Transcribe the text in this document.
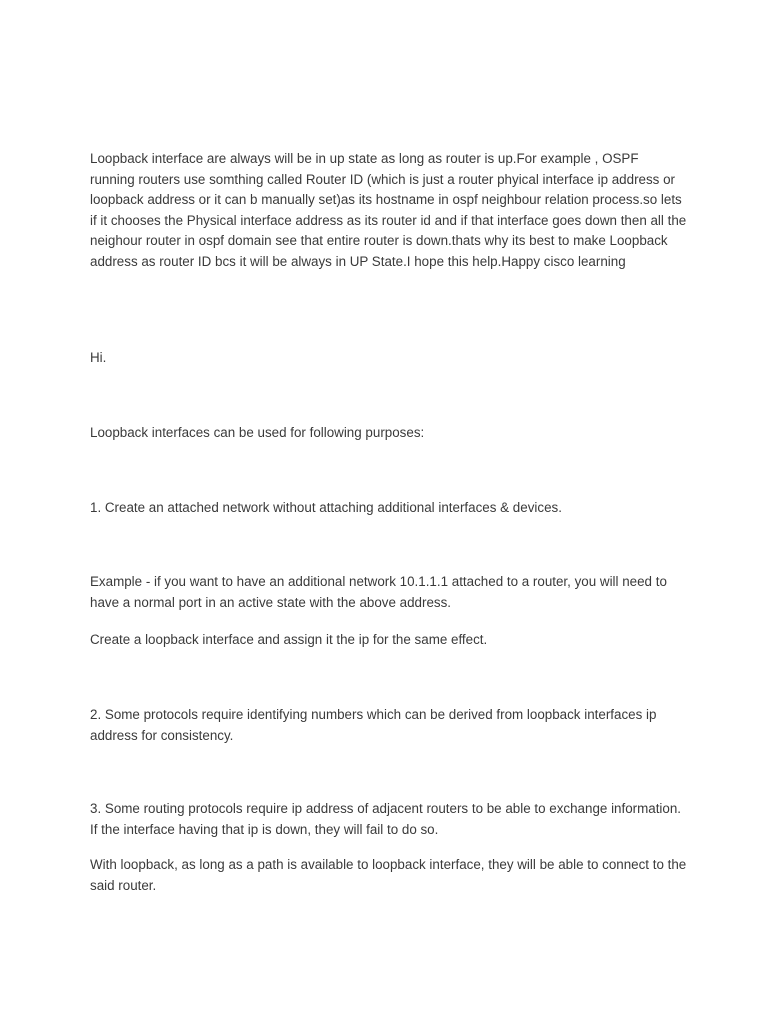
Loopback interface are always will be in up state as long as router is up.For example , OSPF
running routers use somthing called Router ID (which is just a router phyical interface ip address or
loopback address or it can b manually set)as its hostname in ospf neighbour relation process.so lets
if it chooses the Physical interface address as its router id and if that interface goes down then all the
neighour router in ospf domain see that entire router is down.thats why its best to make Loopback
address as router ID bcs it will be always in UP State.I hope this help.Happy cisco learning

Hi.

Loopback interfaces can be used for following purposes:

1. Create an attached network without attaching additional interfaces & devices.

Example - if you want to have an additional network 10.1.1.1 attached to a router, you will need to
have a normal port in an active state with the above address.

Create a loopback interface and assign it the ip for the same effect.

2. Some protocols require identifying numbers which can be derived from loopback interfaces ip
address for consistency.

3. Some routing protocols require ip address of adjacent routers to be able to exchange information.
If the interface having that ip is down, they will fail to do so.

With loopback, as long as a path is available to loopback interface, they will be able to connect to the
said router.
